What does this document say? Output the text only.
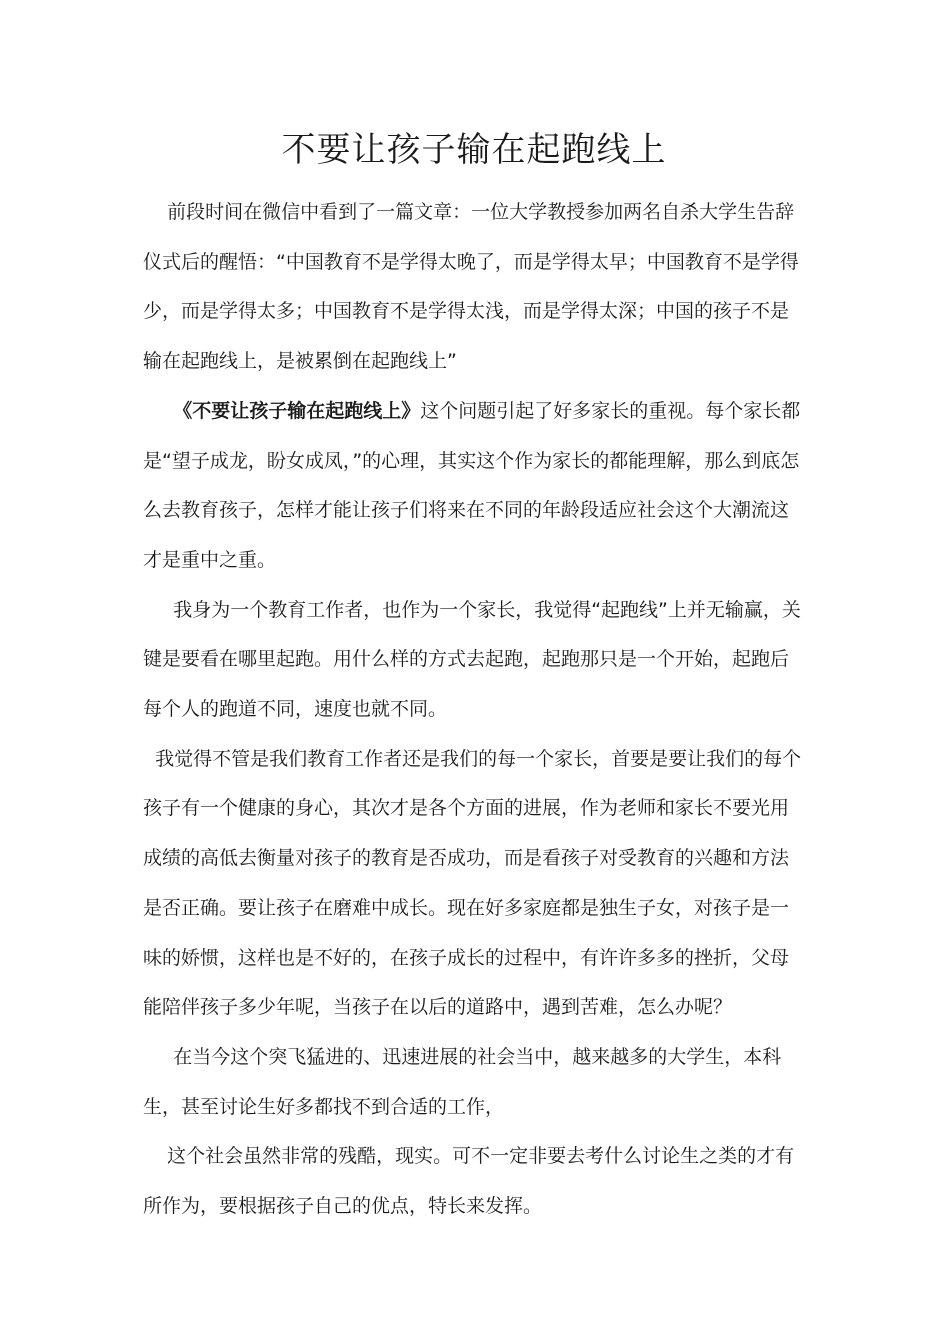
不要让孩子输在起跑线上

前段时间在微信中看到了一篇文章：一位大学教授参加两名自杀大学生告辞仪式后的醒悟：“中国教育不是学得太晚了，而是学得太早；中国教育不是学得少，而是学得太多；中国教育不是学得太浅，而是学得太深；中国的孩子不是输在起跑线上，是被累倒在起跑线上”

《不要让孩子输在起跑线上》这个问题引起了好多家长的重视。每个家长都是“望子成龙，盼女成凤，”的心理，其实这个作为家长的都能理解，那么到底怎么去教育孩子，怎样才能让孩子们将来在不同的年龄段适应社会这个大潮流这才是重中之重。

我身为一个教育工作者，也作为一个家长，我觉得“起跑线”上并无输赢，关键是要看在哪里起跑。用什么样的方式去起跑，起跑那只是一个开始，起跑后每个人的跑道不同，速度也就不同。

我觉得不管是我们教育工作者还是我们的每一个家长，首要是要让我们的每个孩子有一个健康的身心，其次才是各个方面的进展，作为老师和家长不要光用成绩的高低去衡量对孩子的教育是否成功，而是看孩子对受教育的兴趣和方法是否正确。要让孩子在磨难中成长。现在好多家庭都是独生子女，对孩子是一味的娇惯，这样也是不好的，在孩子成长的过程中，有许许多多的挫折，父母能陪伴孩子多少年呢，当孩子在以后的道路中，遇到苦难，怎么办呢？

在当今这个突飞猛进的、迅速进展的社会当中，越来越多的大学生，本科生，甚至讨论生好多都找不到合适的工作，

这个社会虽然非常的残酷，现实。可不一定非要去考什么讨论生之类的才有所作为，要根据孩子自己的优点，特长来发挥。
